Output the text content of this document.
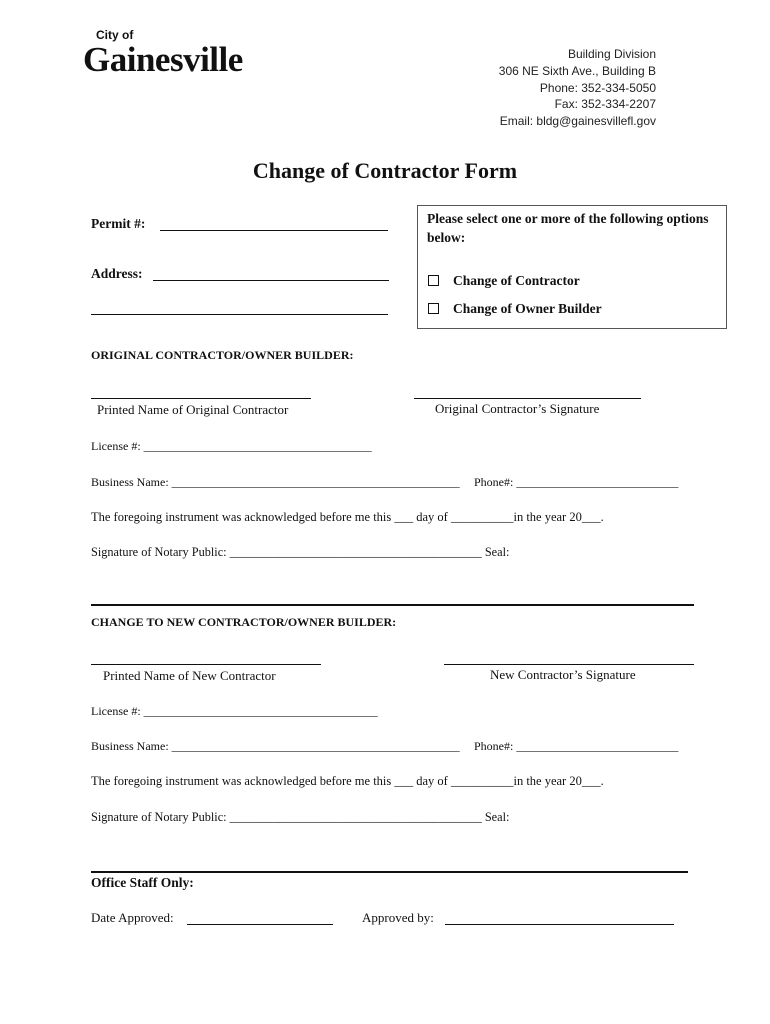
City of
Gainesville	Building Division
306 NE Sixth Ave., Building B
Phone: 352-334-5050
Fax: 352-334-2207
Email: bldg@gainesvillefl.gov
Change of Contractor Form
Permit #:
Address:
Please select one or more of the following options below:
Change of Contractor
Change of Owner Builder
ORIGINAL CONTRACTOR/OWNER BUILDER:
Printed Name of Original Contractor	Original Contractor’s Signature
License #: ______________________________________
Business Name: ________________________________________________ Phone#: ___________________________
The foregoing instrument was acknowledged before me this ___ day of __________in the year 20___.
Signature of Notary Public: _________________________________________ Seal:
CHANGE TO NEW CONTRACTOR/OWNER BUILDER:
Printed Name of New Contractor	New Contractor’s Signature
License #: _______________________________________
Business Name: ________________________________________________ Phone#: ___________________________
The foregoing instrument was acknowledged before me this ___ day of __________in the year 20___.
Signature of Notary Public: _________________________________________ Seal:
Office Staff Only:
Date Approved:	Approved by:
